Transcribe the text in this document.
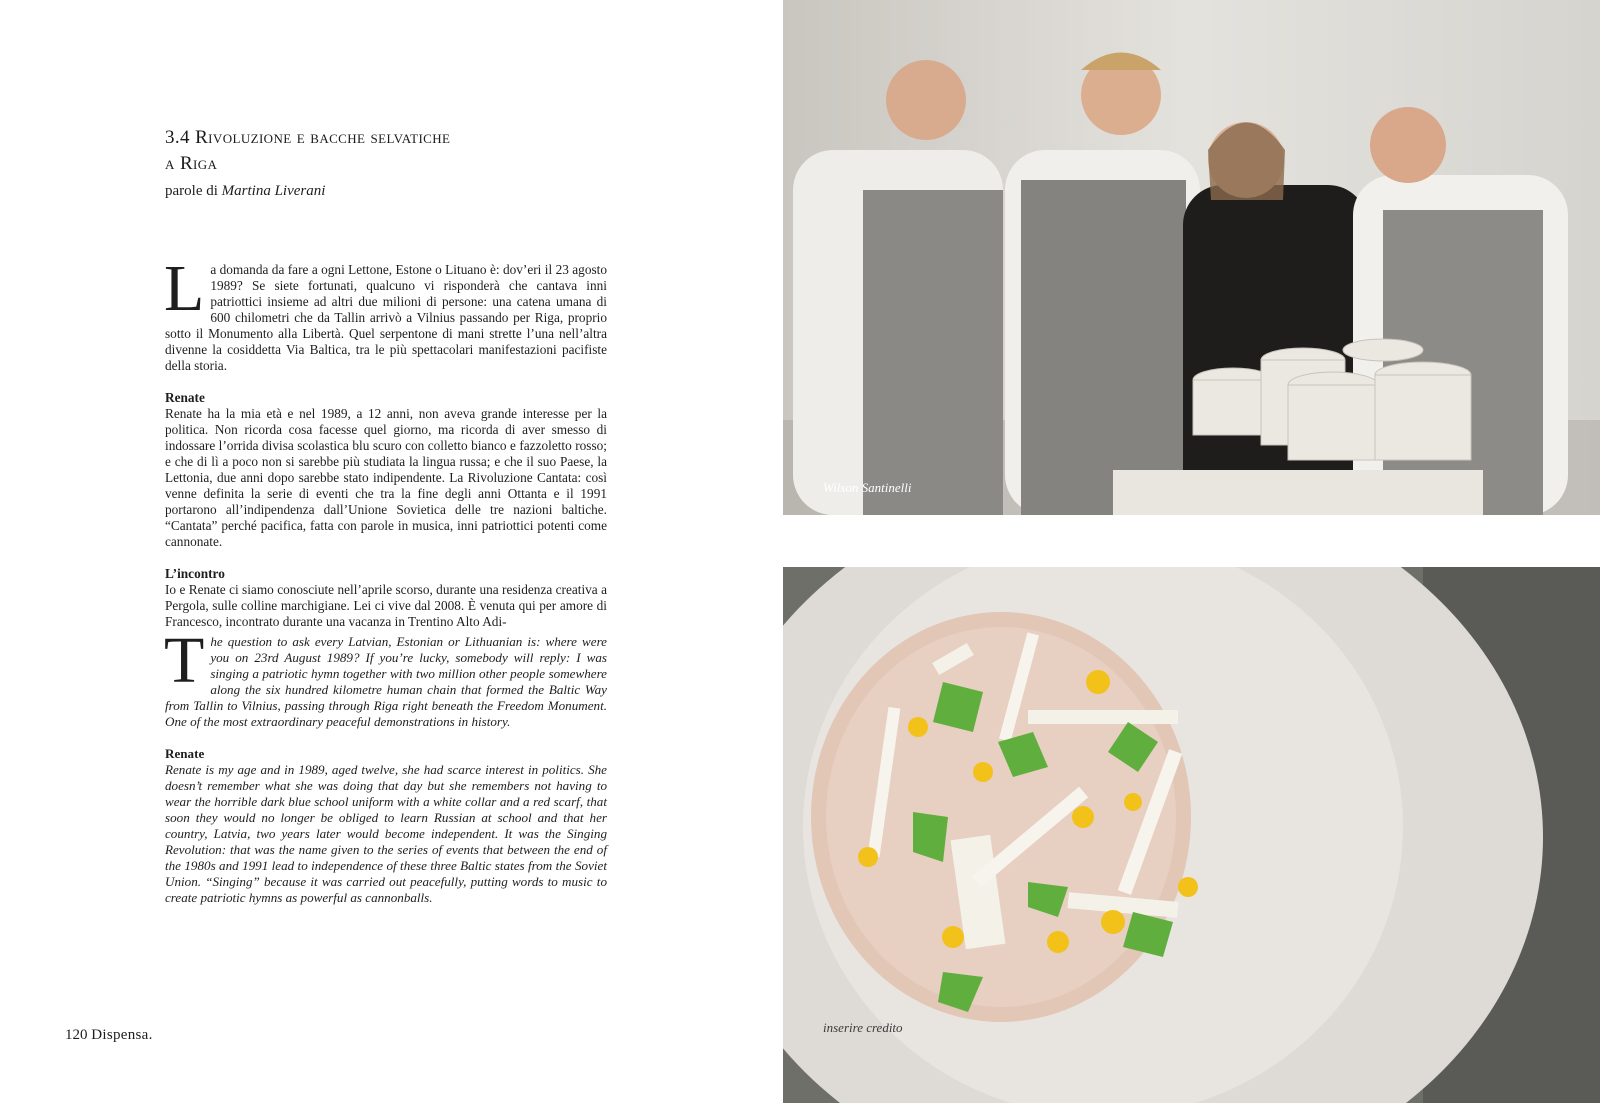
3.4 Rivoluzione e bacche selvatiche
a Riga
parole di Martina Liverani

La domanda da fare a ogni Lettone, Estone o Lituano è: dov’eri il 23 agosto 1989? Se siete fortunati, qualcuno vi risponderà che cantava inni patriottici insieme ad altri due milioni di persone: una catena umana di 600 chilometri che da Tallin arrivò a Vilnius passando per Riga, proprio sotto il Monumento alla Libertà. Quel serpentone di mani strette l’una nell’altra divenne la cosiddetta Via Baltica, tra le più spettacolari manifestazioni pacifiste della storia.

Renate

Renate ha la mia età e nel 1989, a 12 anni, non aveva grande interesse per la politica. Non ricorda cosa facesse quel giorno, ma ricorda di aver smesso di indossare l’orrida divisa scolastica blu scuro con colletto bianco e fazzoletto rosso; e che di lì a poco non si sarebbe più studiata la lingua russa; e che il suo Paese, la Lettonia, due anni dopo sarebbe stato indipendente. La Rivoluzione Cantata: così venne definita la serie di eventi che tra la fine degli anni Ottanta e il 1991 portarono all’indipendenza dall’Unione Sovietica delle tre nazioni baltiche. “Cantata” perché pacifica, fatta con parole in musica, inni patriottici potenti come cannonate.

L’incontro

Io e Renate ci siamo conosciute nell’aprile scorso, durante una residenza creativa a Pergola, sulle colline marchigiane. Lei ci vive dal 2008. È venuta qui per amore di Francesco, incontrato durante una vacanza in Trentino Alto Adi-

The question to ask every Latvian, Estonian or Lithuanian is: where were you on 23rd August 1989? If you’re lucky, somebody will reply: I was singing a patriotic hymn together with two million other people somewhere along the six hundred kilometre human chain that formed the Baltic Way from Tallin to Vilnius, passing through Riga right beneath the Freedom Monument. One of the most extraordinary peaceful demonstrations in history.

Renate

Renate is my age and in 1989, aged twelve, she had scarce interest in politics. She doesn’t remember what she was doing that day but she remembers not having to wear the horrible dark blue school uniform with a white collar and a red scarf, that soon they would no longer be obliged to learn Russian at school and that her country, Latvia, two years later would become independent. It was the Singing Revolution: that was the name given to the series of events that between the end of the 1980s and 1991 lead to independence of these three Baltic states from the Soviet Union. “Singing” because it was carried out peacefully, putting words to music to create patriotic hymns as powerful as cannonballs.

120 Dispensa.
Wilson Santinelli
inserire credito
